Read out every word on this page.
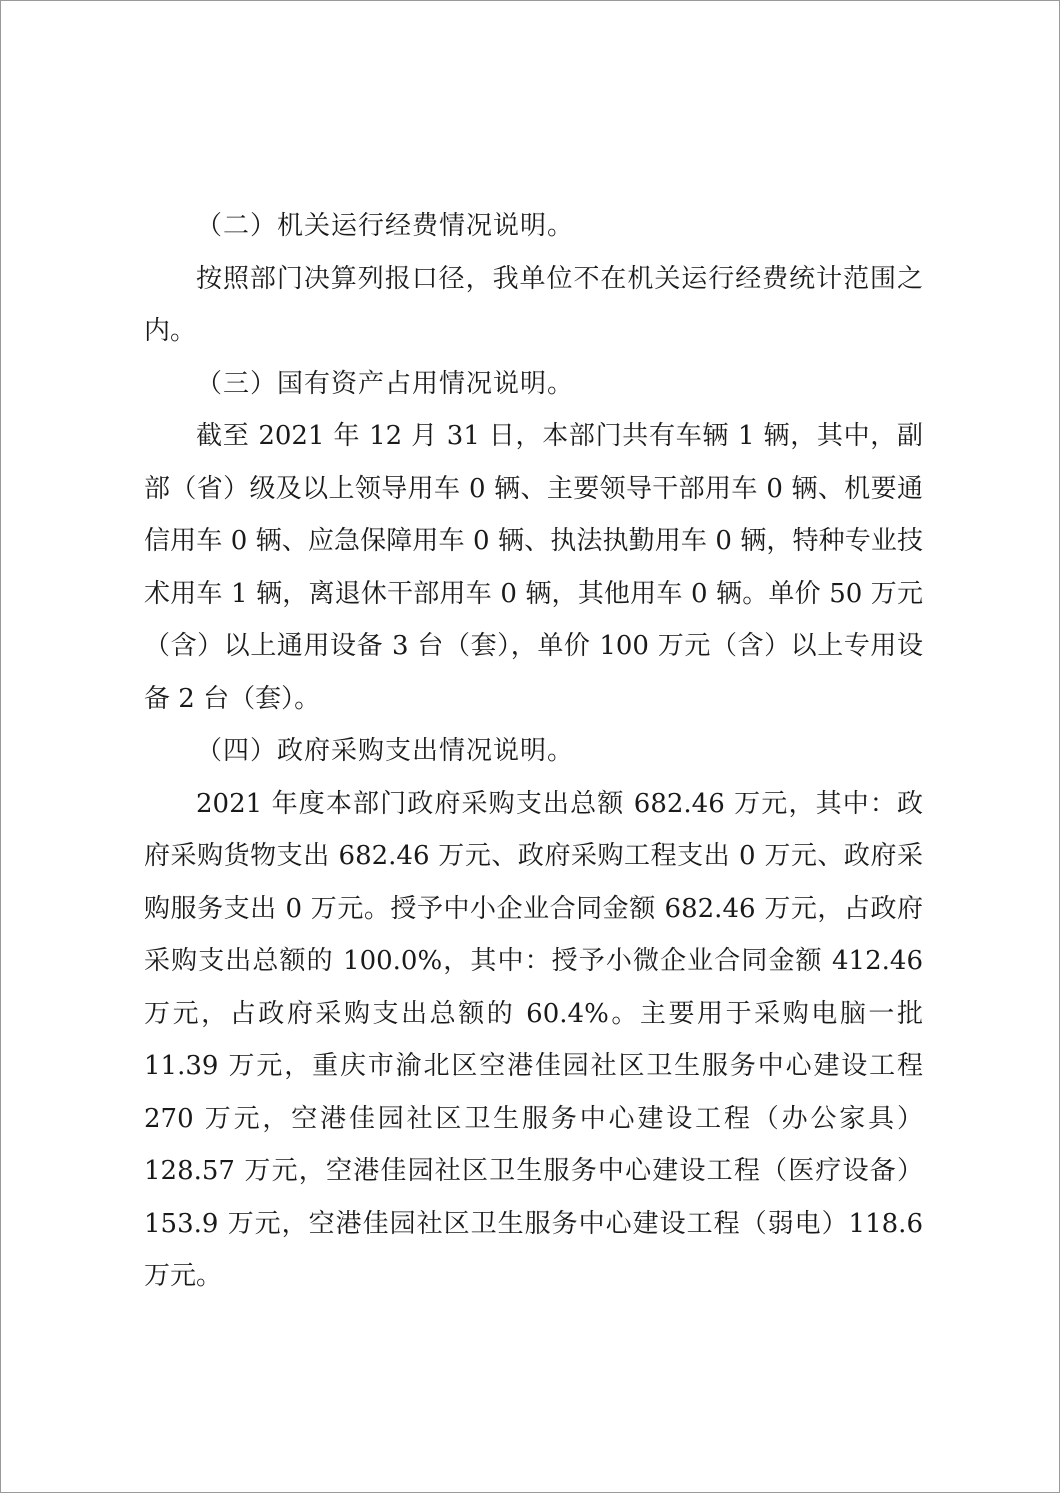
（二）机关运行经费情况说明。

按照部门决算列报口径，我单位不在机关运行经费统计范围之内。

（三）国有资产占用情况说明。

截至 2021 年 12 月 31 日，本部门共有车辆 1 辆，其中，副部（省）级及以上领导用车 0 辆、主要领导干部用车 0 辆、机要通信用车 0 辆、应急保障用车 0 辆、执法执勤用车 0 辆，特种专业技术用车 1 辆，离退休干部用车 0 辆，其他用车 0 辆。单价 50 万元（含）以上通用设备 3 台（套），单价 100 万元（含）以上专用设备 2 台（套）。

（四）政府采购支出情况说明。

2021 年度本部门政府采购支出总额 682.46 万元，其中：政府采购货物支出 682.46 万元、政府采购工程支出 0 万元、政府采购服务支出 0 万元。授予中小企业合同金额 682.46 万元，占政府采购支出总额的 100.0%，其中：授予小微企业合同金额 412.46 万元，占政府采购支出总额的 60.4%。主要用于采购电脑一批 11.39 万元，重庆市渝北区空港佳园社区卫生服务中心建设工程 270 万元，空港佳园社区卫生服务中心建设工程（办公家具）128.57 万元，空港佳园社区卫生服务中心建设工程（医疗设备）153.9 万元，空港佳园社区卫生服务中心建设工程（弱电）118.6 万元。
